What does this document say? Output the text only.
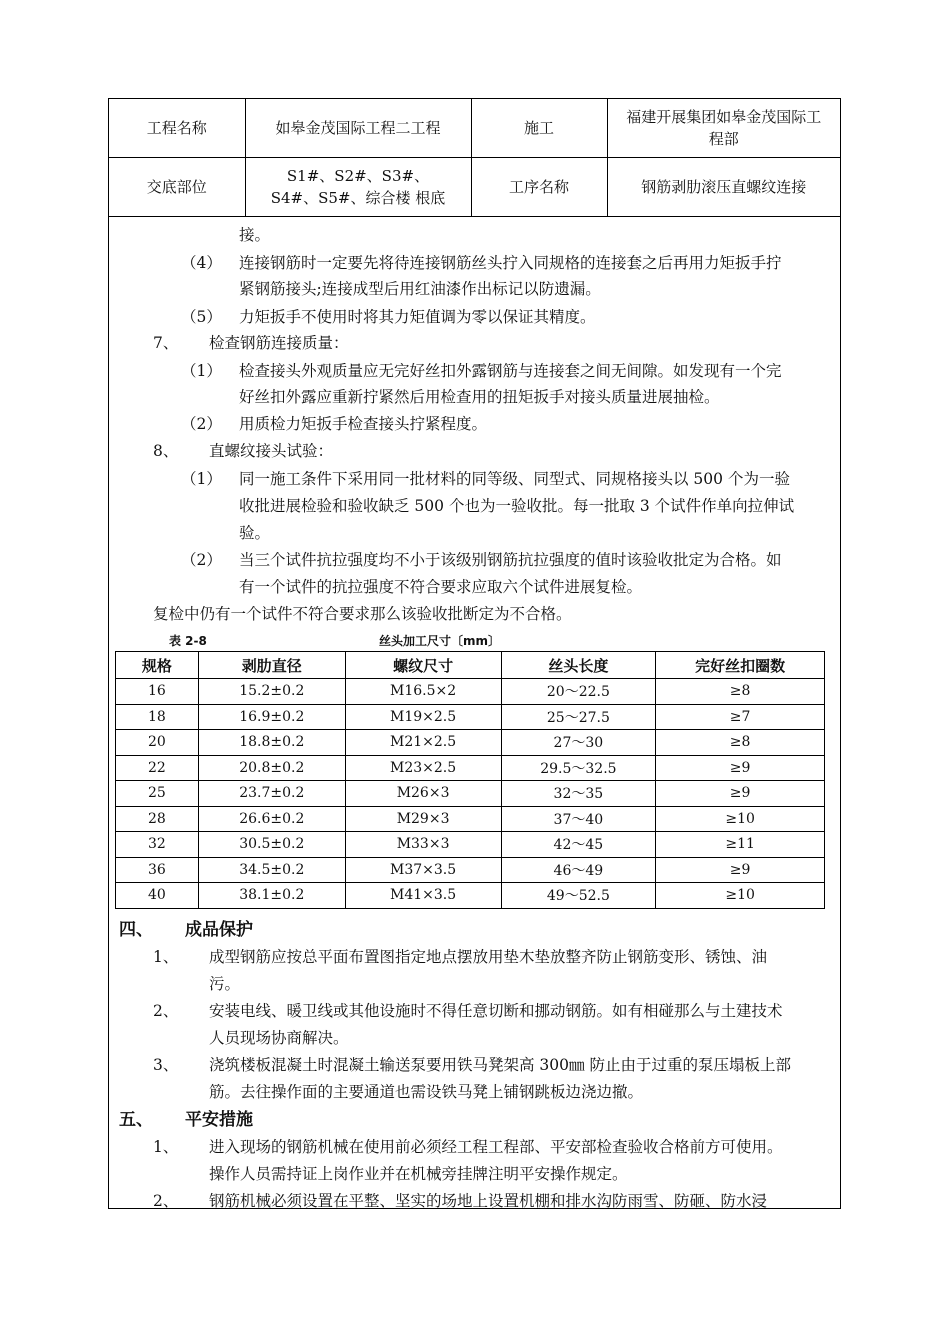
工程名称	如皋金茂国际工程二工程	施工	福建开展集团如皋金茂国际工程部
交底部位	S1#、S2#、S3#、S4#、S5#、综合楼 根底	工序名称	钢筋剥肋滚压直螺纹连接
接。
（4） 连接钢筋时一定要先将待连接钢筋丝头拧入同规格的连接套之后再用力矩扳手拧
紧钢筋接头;连接成型后用红油漆作出标记以防遗漏。
（5） 力矩扳手不使用时将其力矩值调为零以保证其精度。
7、 检查钢筋连接质量：
（1） 检查接头外观质量应无完好丝扣外露钢筋与连接套之间无间隙。如发现有一个完
好丝扣外露应重新拧紧然后用检查用的扭矩扳手对接头质量进展抽检。
（2） 用质检力矩扳手检查接头拧紧程度。
8、 直螺纹接头试验：
（1） 同一施工条件下采用同一批材料的同等级、同型式、同规格接头以 500 个为一验
收批进展检验和验收缺乏 500 个也为一验收批。每一批取 3 个试件作单向拉伸试
验。
（2） 当三个试件抗拉强度均不小于该级别钢筋抗拉强度的值时该验收批定为合格。如
有一个试件的抗拉强度不符合要求应取六个试件进展复检。
复检中仍有一个试件不符合要求那么该验收批断定为不合格。
表 2-8	丝头加工尺寸〔mm〕
规格	剥肋直径	螺纹尺寸	丝头长度	完好丝扣圈数
16	15.2±0.2	M16.5×2	20～22.5	≥8
18	16.9±0.2	M19×2.5	25～27.5	≥7
20	18.8±0.2	M21×2.5	27～30	≥8
22	20.8±0.2	M23×2.5	29.5～32.5	≥9
25	23.7±0.2	M26×3	32～35	≥9
28	26.6±0.2	M29×3	37～40	≥10
32	30.5±0.2	M33×3	42～45	≥11
36	34.5±0.2	M37×3.5	46～49	≥9
40	38.1±0.2	M41×3.5	49～52.5	≥10
四、 成品保护
1、 成型钢筋应按总平面布置图指定地点摆放用垫木垫放整齐防止钢筋变形、锈蚀、油
污。
2、 安装电线、暖卫线或其他设施时不得任意切断和挪动钢筋。如有相碰那么与土建技术
人员现场协商解决。
3、 浇筑楼板混凝土时混凝土输送泵要用铁马凳架高 300㎜ 防止由于过重的泵压塌板上部
筋。去往操作面的主要通道也需设铁马凳上铺钢跳板边浇边撤。
五、 平安措施
1、 进入现场的钢筋机械在使用前必须经工程工程部、平安部检查验收合格前方可使用。
操作人员需持证上岗作业并在机械旁挂牌注明平安操作规定。
2、 钢筋机械必须设置在平整、坚实的场地上设置机棚和排水沟防雨雪、防砸、防水浸
